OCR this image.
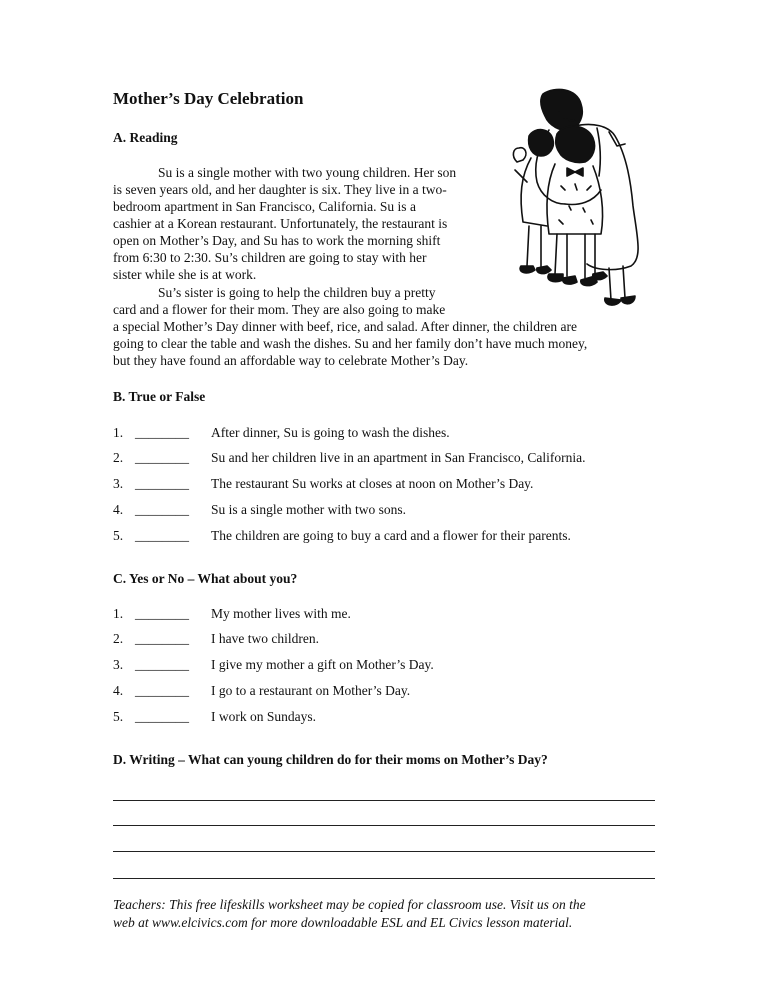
Mother’s Day Celebration
A. Reading
Su is a single mother with two young children. Her son
is seven years old, and her daughter is six. They live in a two-
bedroom apartment in San Francisco, California. Su is a
cashier at a Korean restaurant. Unfortunately, the restaurant is
open on Mother’s Day, and Su has to work the morning shift
from 6:30 to 2:30. Su’s children are going to stay with her
sister while she is at work.
Su’s sister is going to help the children buy a pretty
card and a flower for their mom. They are also going to make
a special Mother’s Day dinner with beef, rice, and salad. After dinner, the children are
going to clear the table and wash the dishes. Su and her family don’t have much money,
but they have found an affordable way to celebrate Mother’s Day.
B. True or False
1. ________ After dinner, Su is going to wash the dishes.
2. ________ Su and her children live in an apartment in San Francisco, California.
3. ________ The restaurant Su works at closes at noon on Mother’s Day.
4. ________ Su is a single mother with two sons.
5. ________ The children are going to buy a card and a flower for their parents.
C. Yes or No – What about you?
1. ________ My mother lives with me.
2. ________ I have two children.
3. ________ I give my mother a gift on Mother’s Day.
4. ________ I go to a restaurant on Mother’s Day.
5. ________ I work on Sundays.
D. Writing – What can young children do for their moms on Mother’s Day?
Teachers: This free lifeskills worksheet may be copied for classroom use. Visit us on the
web at www.elcivics.com for more downloadable ESL and EL Civics lesson material.
